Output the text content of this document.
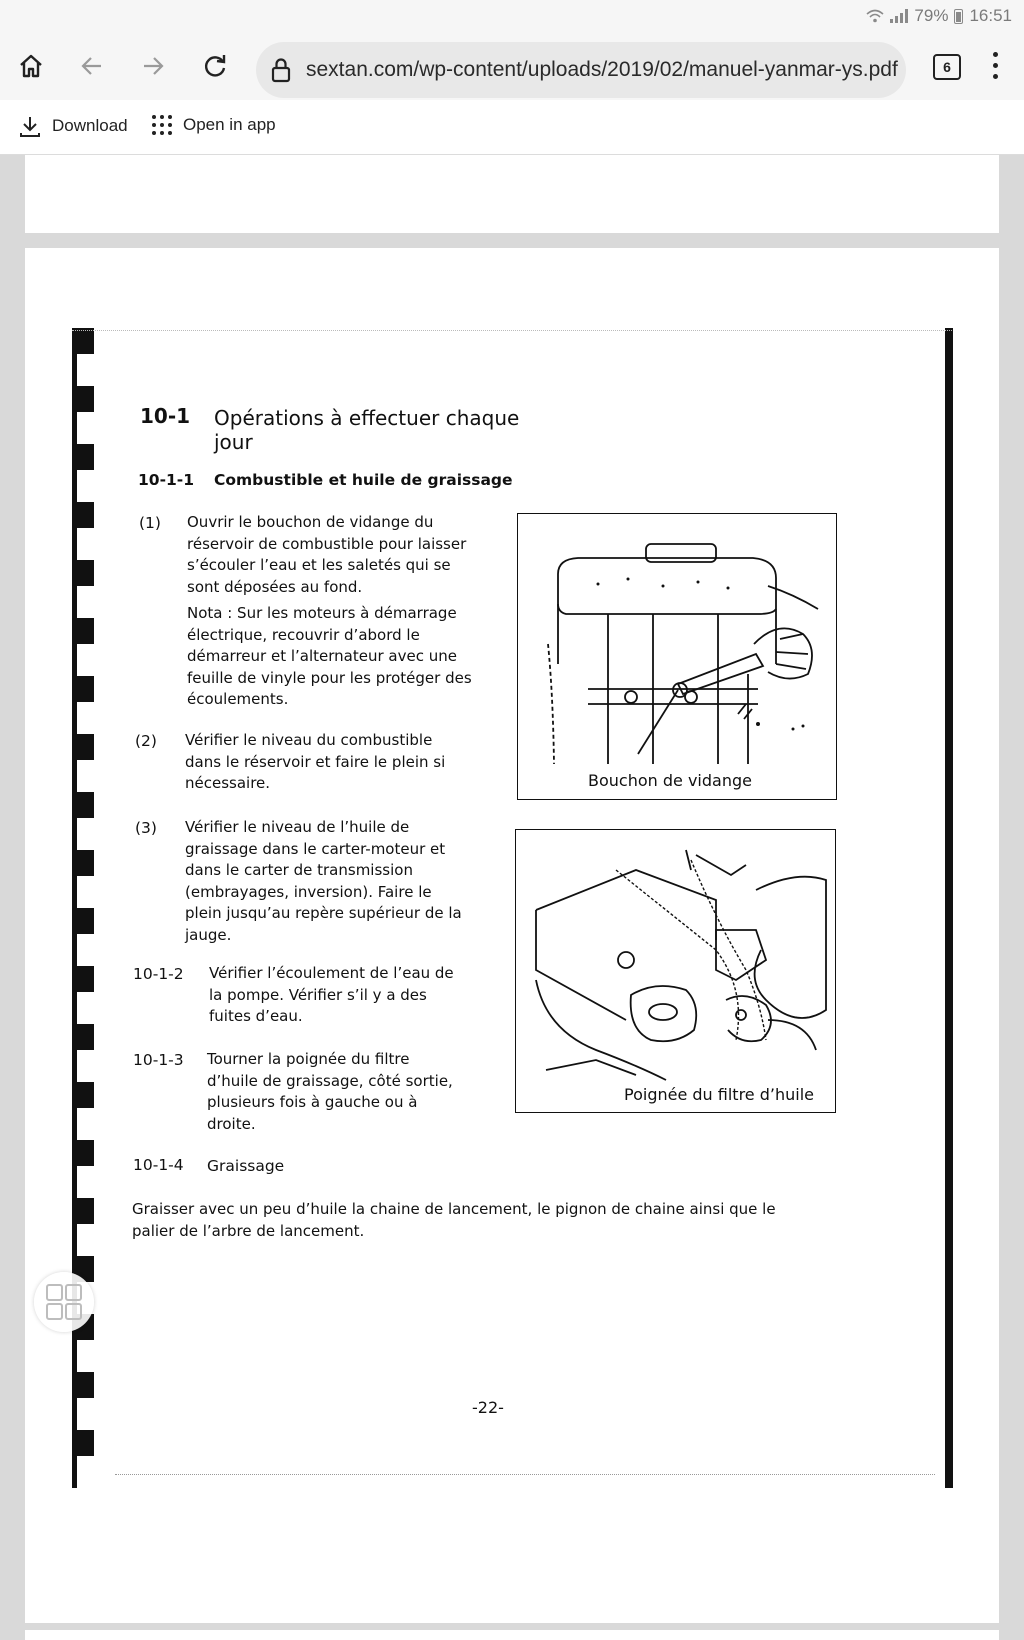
79% 16:51
sextan.com/wp-content/uploads/2019/02/manuel-yanmar-ys.pdf	6
Download	Open in app
10-1 Opérations à effectuer chaque
jour
10-1-1 Combustible et huile de graissage
(1) Ouvrir le bouchon de vidange du
réservoir de combustible pour laisser
s’écouler l’eau et les saletés qui se
sont déposées au fond.
Nota : Sur les moteurs à démarrage
électrique, recouvrir d’abord le
démarreur et l’alternateur avec une
feuille de vinyle pour les protéger des
écoulements.
(2) Vérifier le niveau du combustible
dans le réservoir et faire le plein si
nécessaire.
(3) Vérifier le niveau de l’huile de
graissage dans le carter-moteur et
dans le carter de transmission
(embrayages, inversion). Faire le
plein jusqu’au repère supérieur de la
jauge.
10-1-2 Vérifier l’écoulement de l’eau de
la pompe. Vérifier s’il y a des
fuites d’eau.
10-1-3 Tourner la poignée du filtre
d’huile de graissage, côté sortie,
plusieurs fois à gauche ou à
droite.
10-1-4 Graissage
Graisser avec un peu d’huile la chaine de lancement, le pignon de chaine ainsi que le
palier de l’arbre de lancement.
Bouchon de vidange
Poignée du filtre d’huile
-22-
